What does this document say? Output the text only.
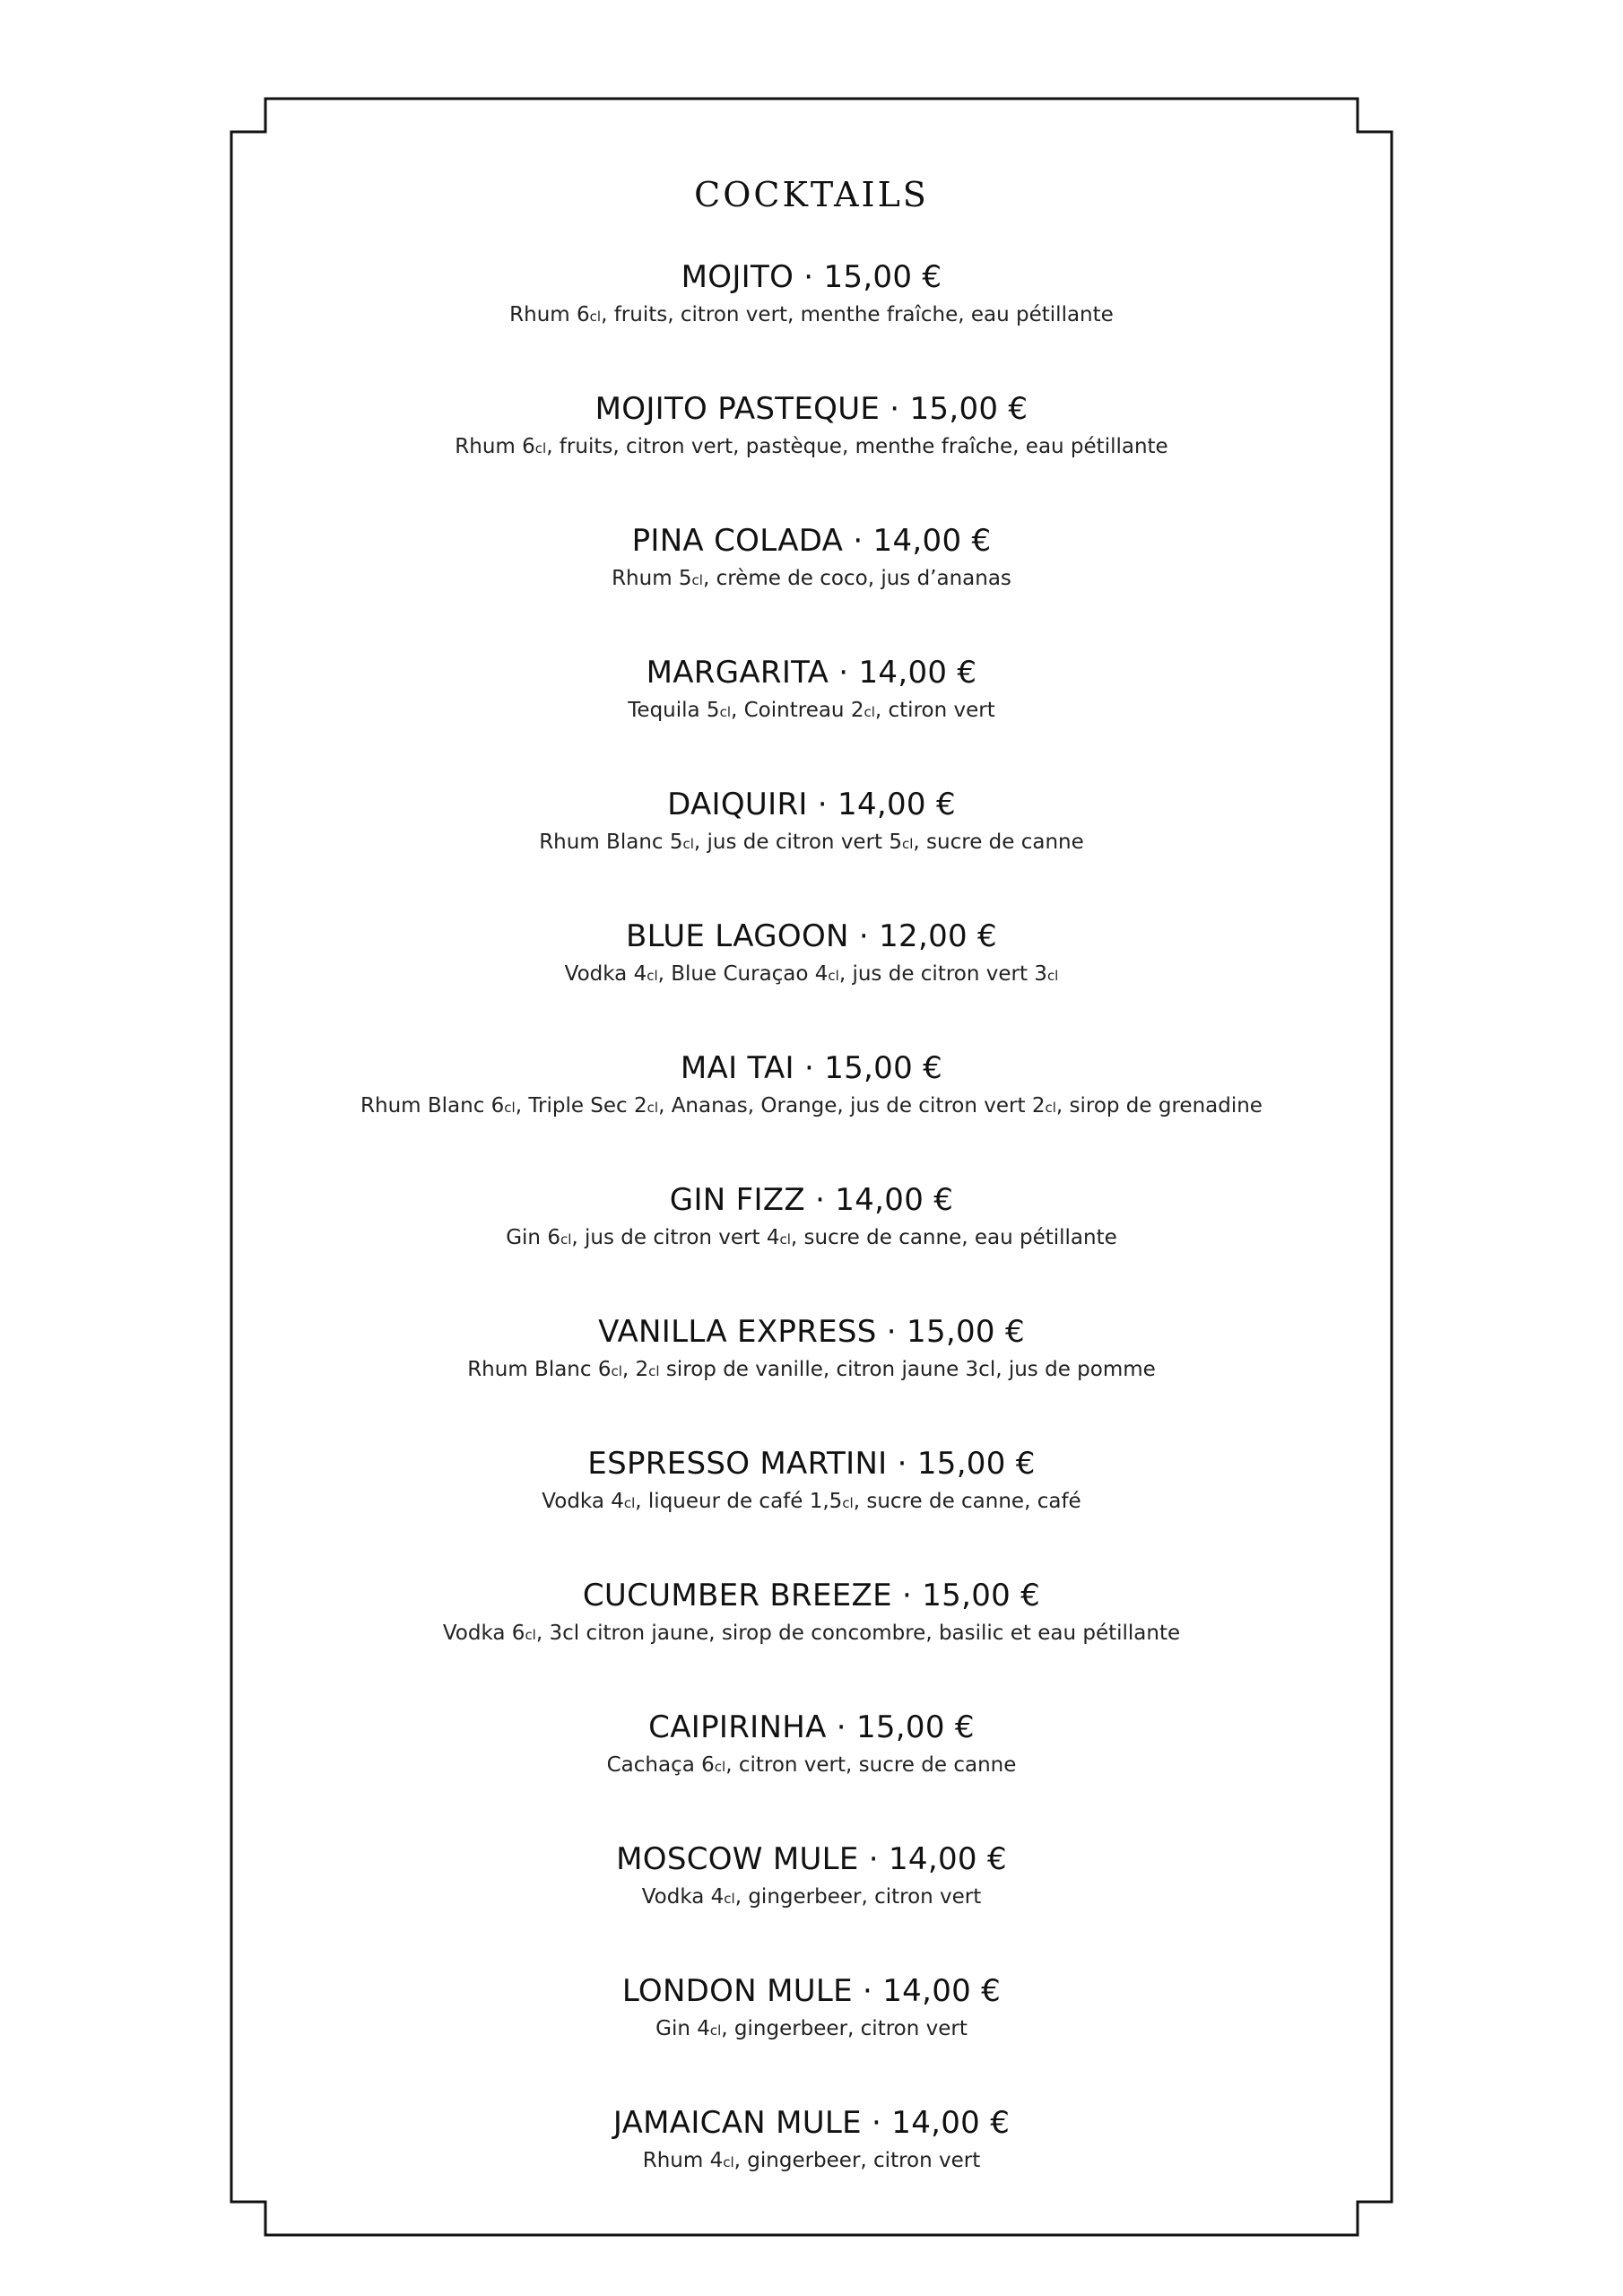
COCKTAILS

MOJITO · 15,00 €

Rhum 6cl, fruits, citron vert, menthe fraîche, eau pétillante

MOJITO PASTEQUE · 15,00 €

Rhum 6cl, fruits, citron vert, pastèque, menthe fraîche, eau pétillante

PINA COLADA · 14,00 €

Rhum 5cl, crème de coco, jus d’ananas

MARGARITA · 14,00 €

Tequila 5cl, Cointreau 2cl, ctiron vert

DAIQUIRI · 14,00 €

Rhum Blanc 5cl, jus de citron vert 5cl, sucre de canne

BLUE LAGOON · 12,00 €

Vodka 4cl, Blue Curaçao 4cl, jus de citron vert 3cl

MAI TAI · 15,00 €

Rhum Blanc 6cl, Triple Sec 2cl, Ananas, Orange, jus de citron vert 2cl, sirop de grenadine

GIN FIZZ · 14,00 €

Gin 6cl, jus de citron vert 4cl, sucre de canne, eau pétillante

VANILLA EXPRESS · 15,00 €

Rhum Blanc 6cl, 2cl sirop de vanille, citron jaune 3cl, jus de pomme

ESPRESSO MARTINI · 15,00 €

Vodka 4cl, liqueur de café 1,5cl, sucre de canne, café

CUCUMBER BREEZE · 15,00 €

Vodka 6cl, 3cl citron jaune, sirop de concombre, basilic et eau pétillante

CAIPIRINHA · 15,00 €

Cachaça 6cl, citron vert, sucre de canne

MOSCOW MULE · 14,00 €

Vodka 4cl, gingerbeer, citron vert

LONDON MULE · 14,00 €

Gin 4cl, gingerbeer, citron vert

JAMAICAN MULE · 14,00 €

Rhum 4cl, gingerbeer, citron vert
